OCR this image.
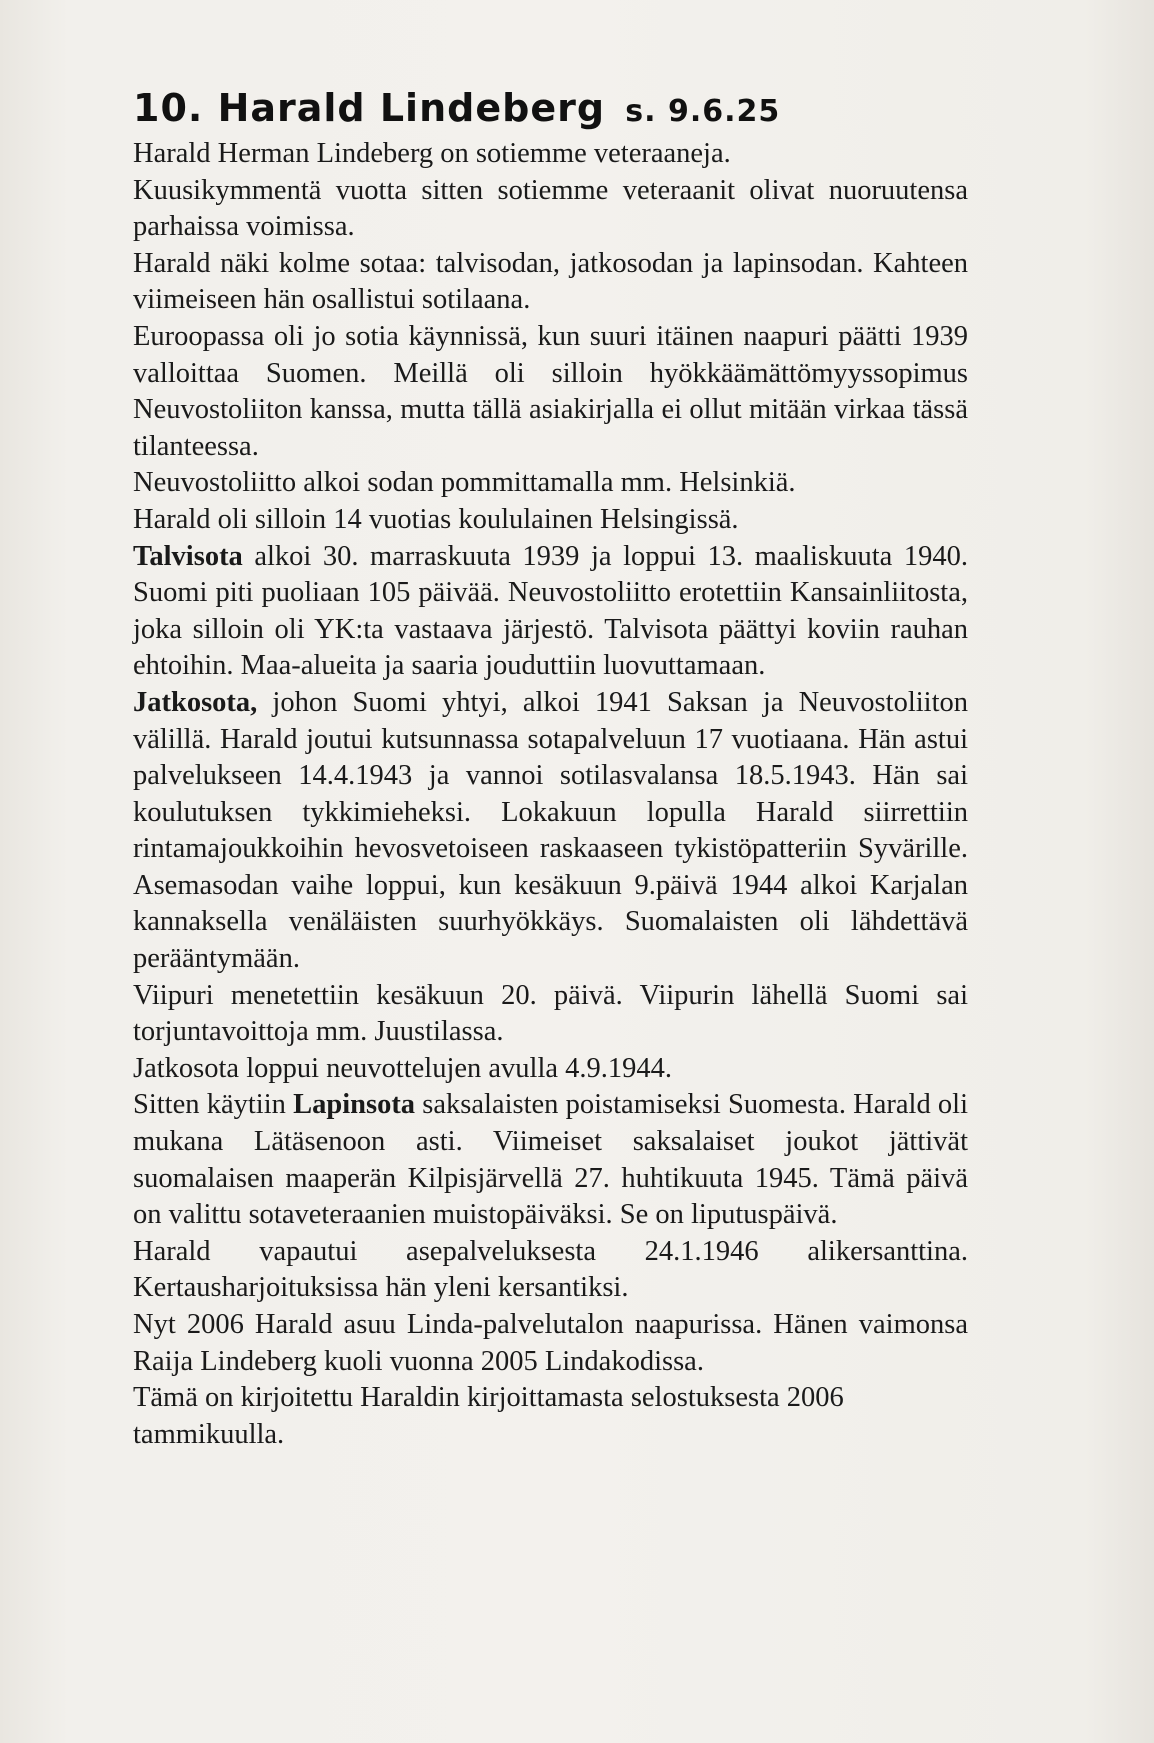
10. Harald Lindeberg s. 9.6.25

Harald Herman Lindeberg on sotiemme veteraaneja.

Kuusikymmentä vuotta sitten sotiemme veteraanit olivat nuoruutensa parhaissa voimissa.

Harald näki kolme sotaa: talvisodan, jatkosodan ja lapinsodan. Kahteen viimeiseen hän osallistui sotilaana.

Euroopassa oli jo sotia käynnissä, kun suuri itäinen naapuri päätti 1939 valloittaa Suomen. Meillä oli silloin hyökkäämättömyyssopimus Neuvostoliiton kanssa, mutta tällä asiakirjalla ei ollut mitään virkaa tässä tilanteessa.

Neuvostoliitto alkoi sodan pommittamalla mm. Helsinkiä.

Harald oli silloin 14 vuotias koululainen Helsingissä.

Talvisota alkoi 30. marraskuuta 1939 ja loppui 13. maaliskuuta 1940. Suomi piti puoliaan 105 päivää. Neuvostoliitto erotettiin Kansainliitosta, joka silloin oli YK:ta vastaava järjestö. Talvisota päättyi koviin rauhan ehtoihin. Maa-alueita ja saaria jouduttiin luovuttamaan.

Jatkosota, johon Suomi yhtyi, alkoi 1941 Saksan ja Neuvostoliiton välillä. Harald joutui kutsunnassa sotapalveluun 17 vuotiaana. Hän astui palvelukseen 14.4.1943 ja vannoi sotilasvalansa 18.5.1943. Hän sai koulutuksen tykkimieheksi. Lokakuun lopulla Harald siirrettiin rintamajoukkoihin hevosvetoiseen raskaaseen tykistöpatteriin Syvärille. Asemasodan vaihe loppui, kun kesäkuun 9.päivä 1944 alkoi Karjalan kannaksella venäläisten suurhyökkäys. Suomalaisten oli lähdettävä perääntymään.

Viipuri menetettiin kesäkuun 20. päivä. Viipurin lähellä Suomi sai torjuntavoittoja mm. Juustilassa.

Jatkosota loppui neuvottelujen avulla 4.9.1944.

Sitten käytiin Lapinsota saksalaisten poistamiseksi Suomesta. Harald oli mukana Lätäsenoon asti. Viimeiset saksalaiset joukot jättivät suomalaisen maaperän Kilpisjärvellä 27. huhtikuuta 1945. Tämä päivä on valittu sotaveteraanien muistopäiväksi. Se on liputuspäivä.

Harald vapautui asepalveluksesta 24.1.1946 alikersanttina. Kertausharjoituksissa hän yleni kersantiksi.

Nyt 2006 Harald asuu Linda-palvelutalon naapurissa. Hänen vaimonsa Raija Lindeberg kuoli vuonna 2005 Lindakodissa.

Tämä on kirjoitettu Haraldin kirjoittamasta selostuksesta 2006 tammikuulla.
